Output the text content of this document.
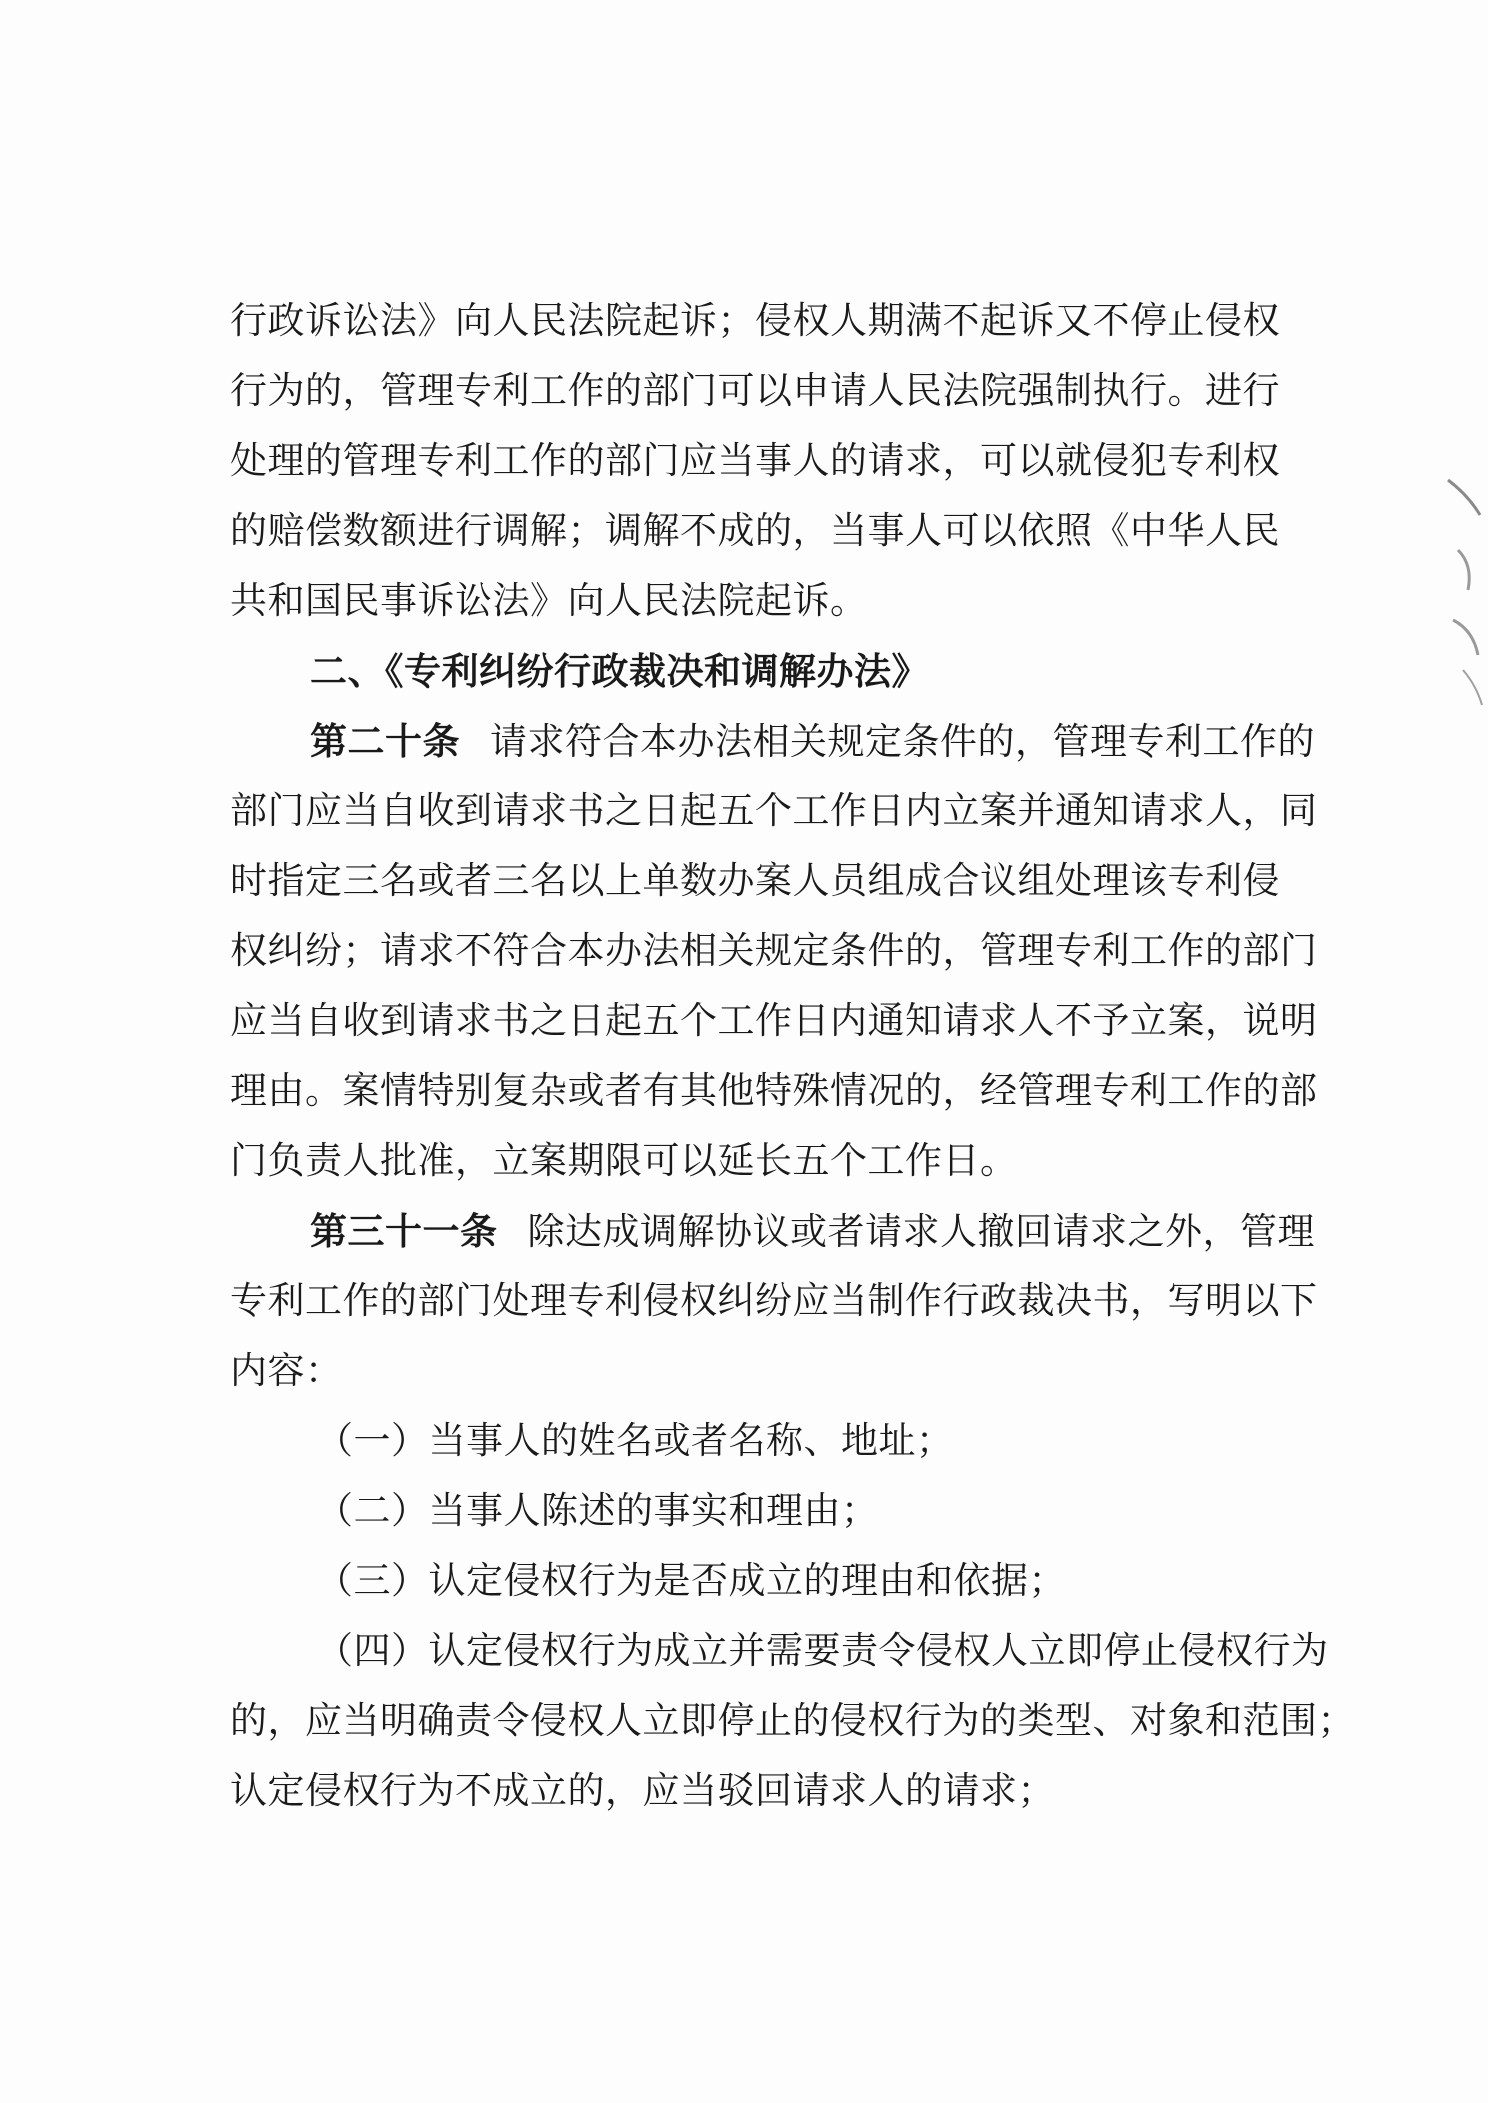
行政诉讼法》向人民法院起诉；侵权人期满不起诉又不停止侵权
行为的，管理专利工作的部门可以申请人民法院强制执行。进行
处理的管理专利工作的部门应当事人的请求，可以就侵犯专利权
的赔偿数额进行调解；调解不成的，当事人可以依照《中华人民
共和国民事诉讼法》向人民法院起诉。
二、《专利纠纷行政裁决和调解办法》
第二十条 请求符合本办法相关规定条件的，管理专利工作的
部门应当自收到请求书之日起五个工作日内立案并通知请求人，同
时指定三名或者三名以上单数办案人员组成合议组处理该专利侵
权纠纷；请求不符合本办法相关规定条件的，管理专利工作的部门
应当自收到请求书之日起五个工作日内通知请求人不予立案，说明
理由。案情特别复杂或者有其他特殊情况的，经管理专利工作的部
门负责人批准，立案期限可以延长五个工作日。
第三十一条 除达成调解协议或者请求人撤回请求之外，管理
专利工作的部门处理专利侵权纠纷应当制作行政裁决书，写明以下
内容：
（一）当事人的姓名或者名称、地址；
（二）当事人陈述的事实和理由；
（三）认定侵权行为是否成立的理由和依据；
（四）认定侵权行为成立并需要责令侵权人立即停止侵权行为
的，应当明确责令侵权人立即停止的侵权行为的类型、对象和范围；
认定侵权行为不成立的，应当驳回请求人的请求；
